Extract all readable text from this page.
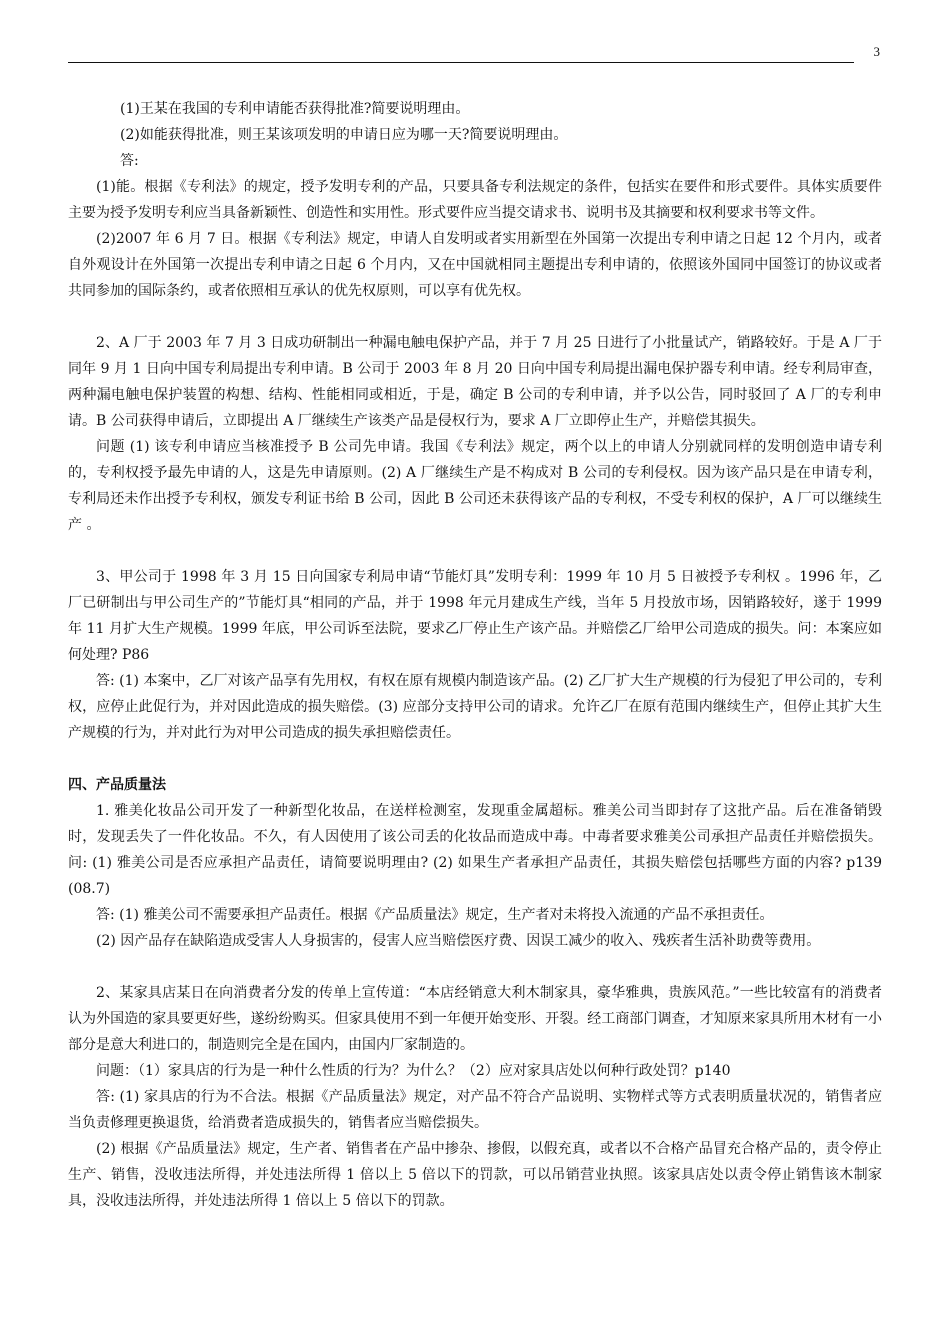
3

(1)王某在我国的专利申请能否获得批准?简要说明理由。

(2)如能获得批准，则王某该项发明的申请日应为哪一天?简要说明理由。

答:

(1)能。根据《专利法》的规定，授予发明专利的产品，只要具备专利法规定的条件，包括实在要件和形式要件。具体实质要件主要为授予发明专利应当具备新颖性、创造性和实用性。形式要件应当提交请求书、说明书及其摘要和权利要求书等文件。

(2)2007 年 6 月 7 日。根据《专利法》规定，申请人自发明或者实用新型在外国第一次提出专利申请之日起 12 个月内，或者自外观设计在外国第一次提出专利申请之日起 6 个月内，又在中国就相同主题提出专利申请的，依照该外国同中国签订的协议或者共同参加的国际条约，或者依照相互承认的优先权原则，可以享有优先权。

2、A 厂于 2003 年 7 月 3 日成功研制出一种漏电触电保护产品，并于 7 月 25 日进行了小批量试产，销路较好。于是 A 厂于同年 9 月 1 日向中国专利局提出专利申请。B 公司于 2003 年 8 月 20 日向中国专利局提出漏电保护器专利申请。经专利局审查，两种漏电触电保护装置的构想、结构、性能相同或相近，于是，确定 B 公司的专利申请，并予以公告，同时驳回了 A 厂的专利申请。B 公司获得申请后，立即提出 A 厂继续生产该类产品是侵权行为，要求 A 厂立即停止生产，并赔偿其损失。

问题 (1) 该专利申请应当核准授予 B 公司先申请。我国《专利法》规定，两个以上的申请人分别就同样的发明创造申请专利的，专利权授予最先申请的人，这是先申请原则。(2) A 厂继续生产是不构成对 B 公司的专利侵权。因为该产品只是在申请专利，专利局还未作出授予专利权，颁发专利证书给 B 公司，因此 B 公司还未获得该产品的专利权，不受专利权的保护，A 厂可以继续生产 。

3、甲公司于 1998 年 3 月 15 日向国家专利局申请“节能灯具”发明专利：1999 年 10 月 5 日被授予专利权 。1996 年，乙厂已研制出与甲公司生产的”节能灯具“相同的产品，并于 1998 年元月建成生产线，当年 5 月投放市场，因销路较好，遂于 1999 年 11 月扩大生产规模。1999 年底，甲公司诉至法院，要求乙厂停止生产该产品。并赔偿乙厂给甲公司造成的损失。问：本案应如何处理? P86

答: (1) 本案中，乙厂对该产品享有先用权，有权在原有规模内制造该产品。(2) 乙厂扩大生产规模的行为侵犯了甲公司的，专利权，应停止此促行为，并对因此造成的损失赔偿。(3) 应部分支持甲公司的请求。允许乙厂在原有范围内继续生产，但停止其扩大生产规模的行为，并对此行为对甲公司造成的损失承担赔偿责任。

四、产品质量法

1. 雅美化妆品公司开发了一种新型化妆品，在送样检测室，发现重金属超标。雅美公司当即封存了这批产品。后在准备销毁时，发现丢失了一件化妆品。不久，有人因使用了该公司丢的化妆品而造成中毒。中毒者要求雅美公司承担产品责任并赔偿损失。问: (1) 雅美公司是否应承担产品责任，请简要说明理由? (2) 如果生产者承担产品责任，其损失赔偿包括哪些方面的内容? p139 (08.7)

答: (1) 雅美公司不需要承担产品责任。根据《产品质量法》规定，生产者对未将投入流通的产品不承担责任。

(2) 因产品存在缺陷造成受害人人身损害的，侵害人应当赔偿医疗费、因误工减少的收入、残疾者生活补助费等费用。

2、某家具店某日在向消费者分发的传单上宣传道：“本店经销意大利木制家具，豪华雅典，贵族风范。”一些比较富有的消费者认为外国造的家具要更好些，遂纷纷购买。但家具使用不到一年便开始变形、开裂。经工商部门调查，才知原来家具所用木材有一小部分是意大利进口的，制造则完全是在国内，由国内厂家制造的。

问题：（1）家具店的行为是一种什么性质的行为？为什么？（2）应对家具店处以何种行政处罚？p140

答: (1) 家具店的行为不合法。根据《产品质量法》规定，对产品不符合产品说明、实物样式等方式表明质量状况的，销售者应当负责修理更换退货，给消费者造成损失的，销售者应当赔偿损失。

(2) 根据《产品质量法》规定，生产者、销售者在产品中掺杂、掺假，以假充真，或者以不合格产品冒充合格产品的，责令停止生产、销售，没收违法所得，并处违法所得 1 倍以上 5 倍以下的罚款，可以吊销营业执照。该家具店处以责令停止销售该木制家具，没收违法所得，并处违法所得 1 倍以上 5 倍以下的罚款。
